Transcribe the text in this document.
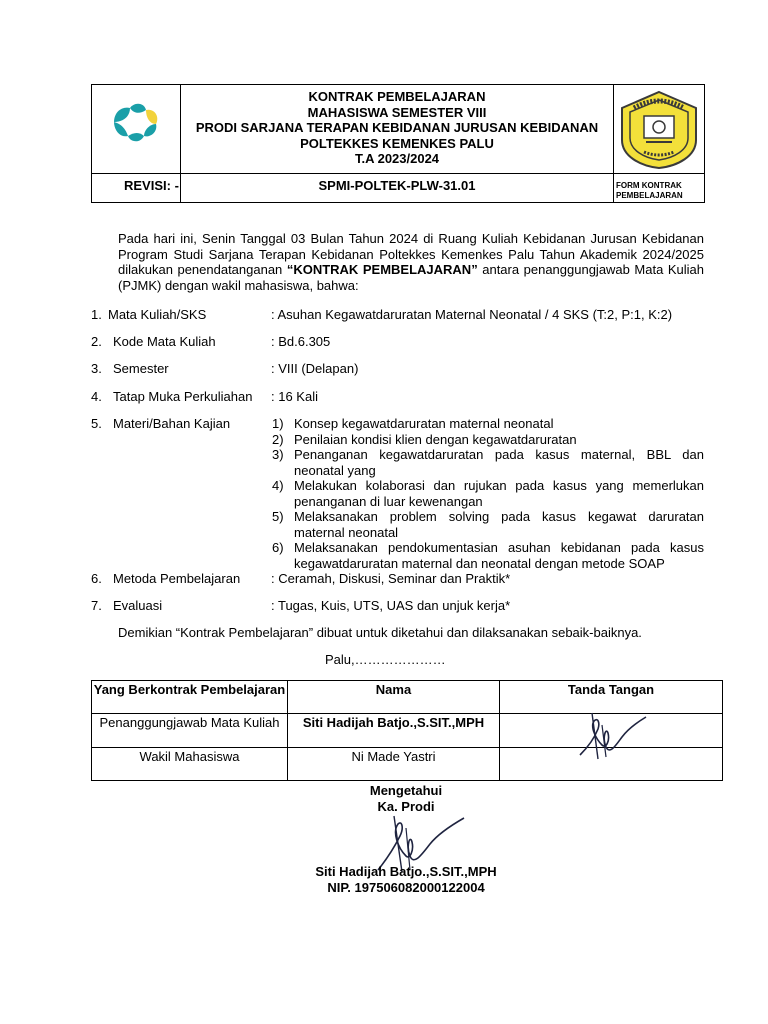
KONTRAK PEMBELAJARAN
MAHASISWA SEMESTER VIII
PRODI SARJANA TERAPAN KEBIDANAN JURUSAN KEBIDANAN
POLTEKKES KEMENKES PALU
T.A 2023/2024
REVISI: -	SPMI-POLTEK-PLW-31.01	FORM KONTRAK PEMBELAJARAN
Pada hari ini, Senin Tanggal 03 Bulan Tahun 2024 di Ruang Kuliah Kebidanan Jurusan Kebidanan Program Studi Sarjana Terapan Kebidanan Poltekkes Kemenkes Palu Tahun Akademik 2024/2025 dilakukan penendatanganan “KONTRAK PEMBELAJARAN” antara penanggungjawab Mata Kuliah (PJMK) dengan wakil mahasiswa, bahwa:
1. Mata Kuliah/SKS	: Asuhan Kegawatdaruratan Maternal Neonatal / 4 SKS (T:2, P:1, K:2)
2. Kode Mata Kuliah	: Bd.6.305
3. Semester	: VIII (Delapan)
4. Tatap Muka Perkuliahan : 16 Kali
5. Materi/Bahan Kajian	1) Konsep kegawatdaruratan maternal neonatal
2) Penilaian kondisi klien dengan kegawatdaruratan
3) Penanganan kegawatdaruratan pada kasus maternal, BBL dan neonatal yang
4) Melakukan kolaborasi dan rujukan pada kasus yang memerlukan penanganan di luar kewenangan
5) Melaksanakan problem solving pada kasus kegawat daruratan maternal neonatal
6) Melaksanakan pendokumentasian asuhan kebidanan pada kasus kegawatdaruratan maternal dan neonatal dengan metode SOAP
6. Metoda Pembelajaran : Ceramah, Diskusi, Seminar dan Praktik*
7. Evaluasi	: Tugas, Kuis, UTS, UAS dan unjuk kerja*
Demikian “Kontrak Pembelajaran” dibuat untuk diketahui dan dilaksanakan sebaik-baiknya.
Palu,…………………
Yang Berkontrak Pembelajaran	Nama	Tanda Tangan
Penanggungjawab Mata Kuliah	Siti Hadijah Batjo.,S.SIT.,MPH
Wakil Mahasiswa	Ni Made Yastri
Mengetahui
Ka. Prodi
Siti Hadijah Batjo.,S.SIT.,MPH
NIP. 197506082000122004
